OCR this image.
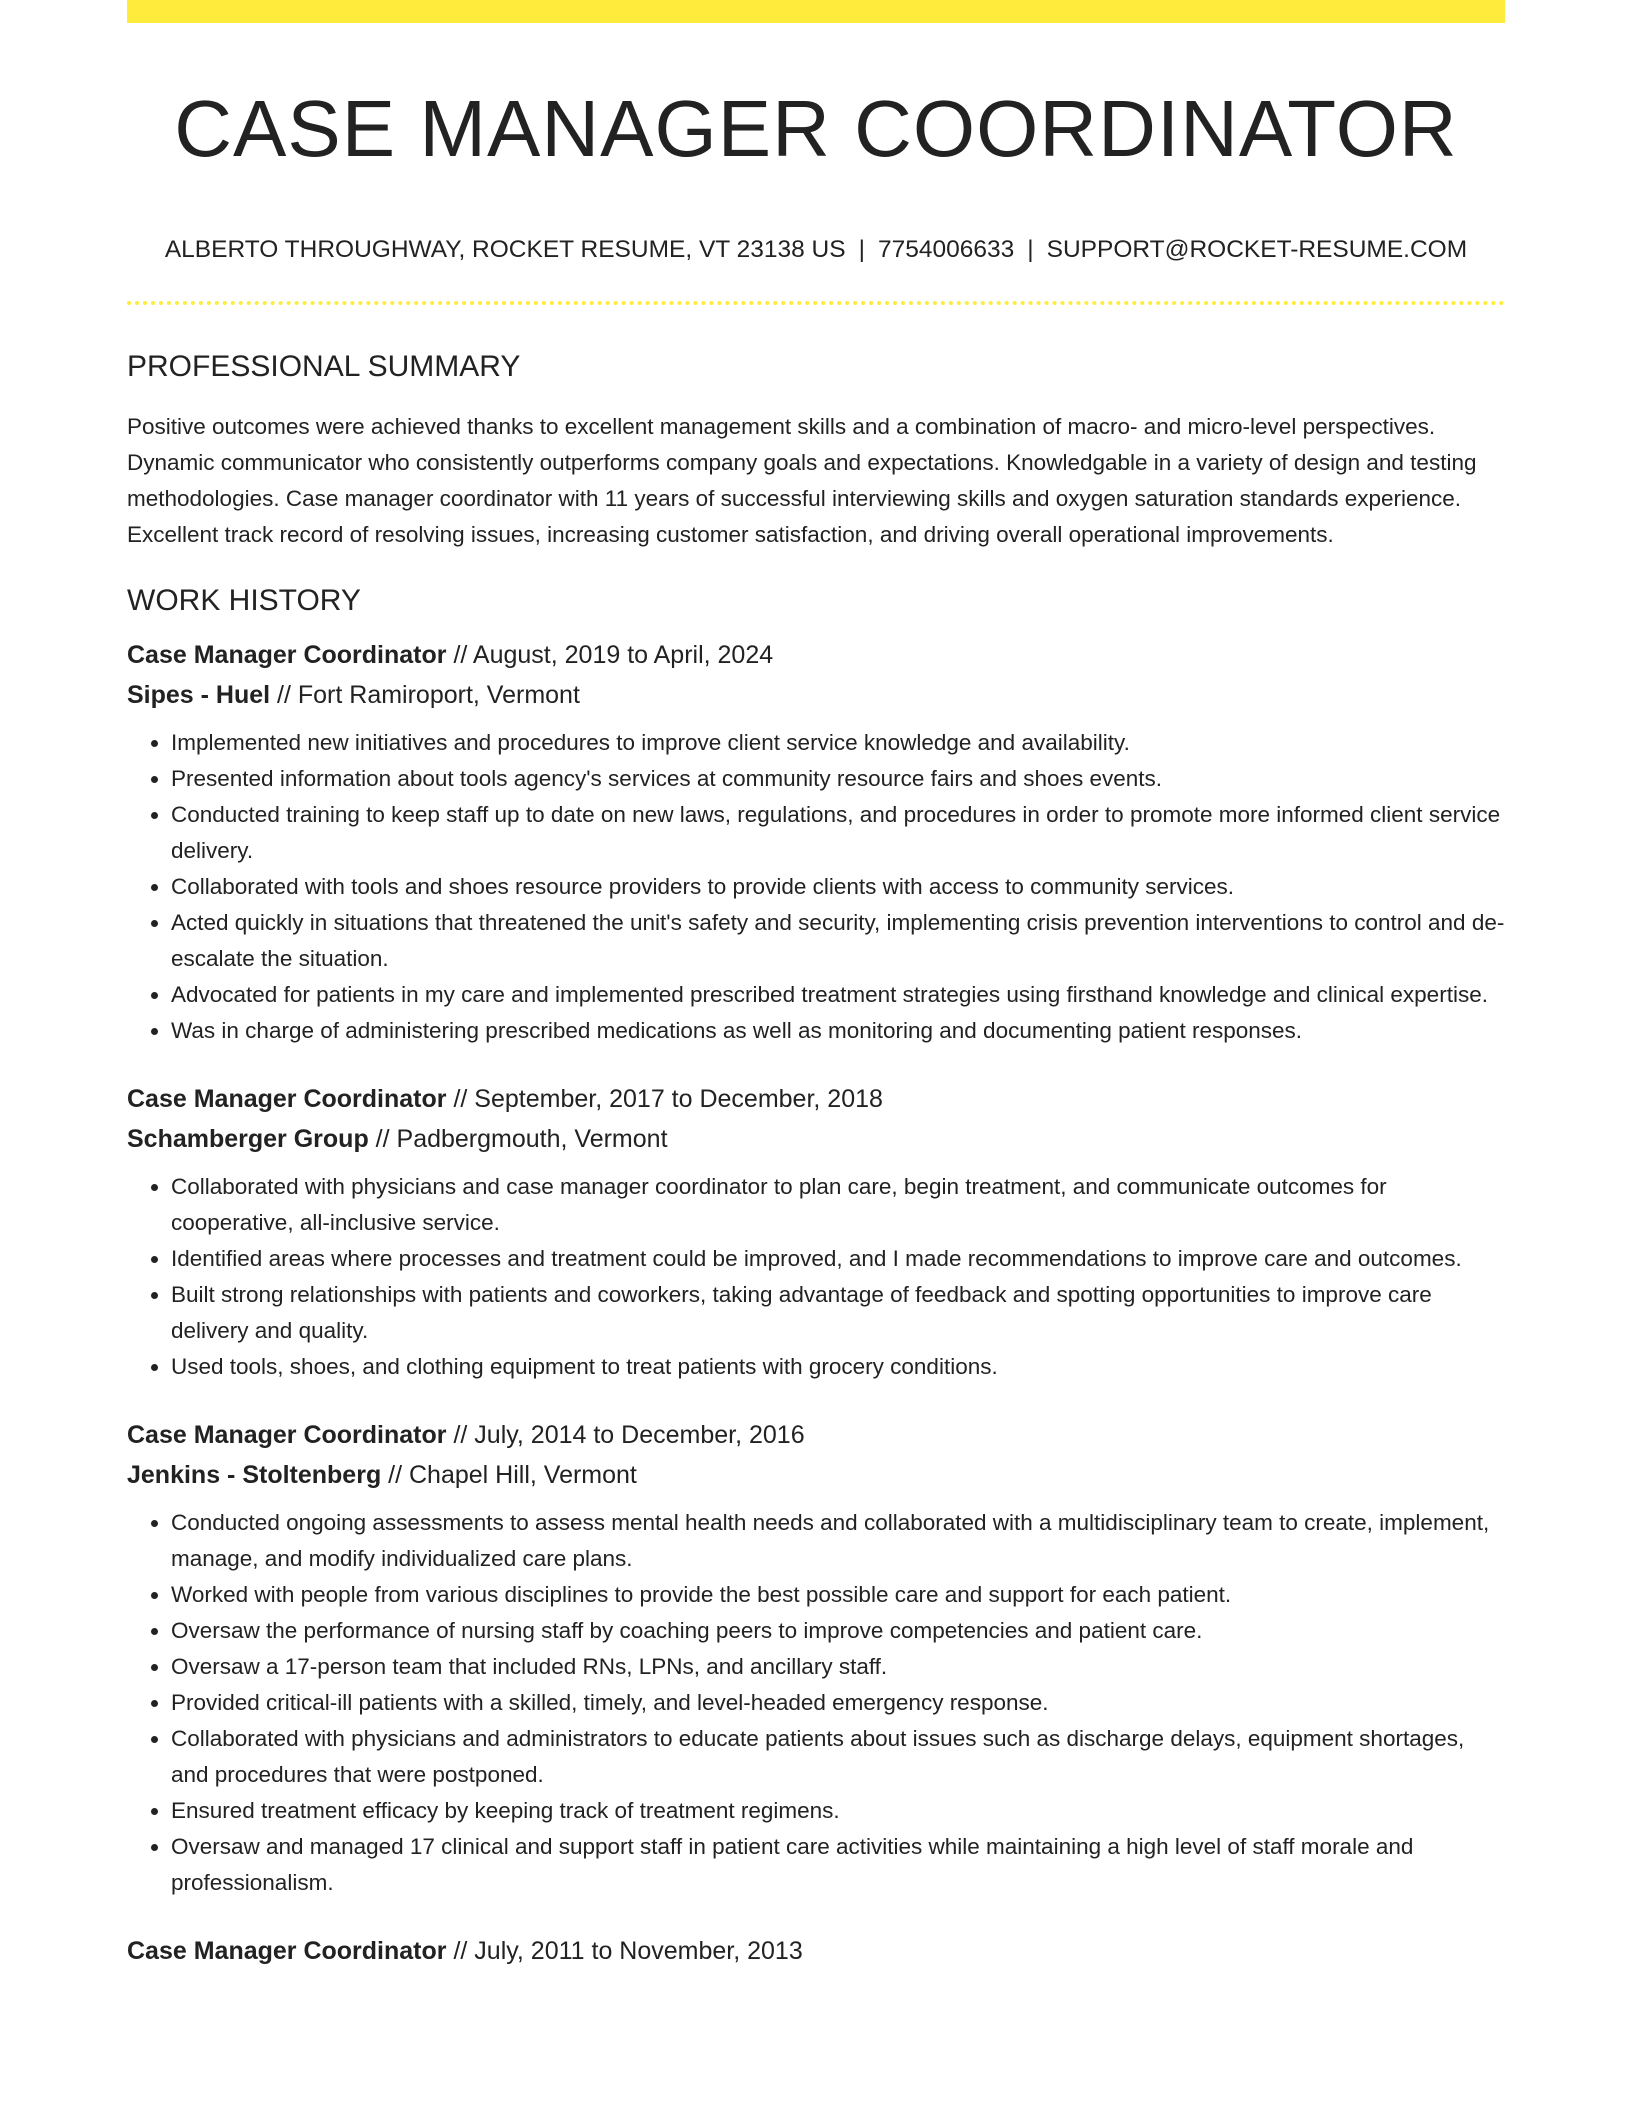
CASE MANAGER COORDINATOR
ALBERTO THROUGHWAY, ROCKET RESUME, VT 23138 US | 7754006633 | SUPPORT@ROCKET-RESUME.COM
PROFESSIONAL SUMMARY

Positive outcomes were achieved thanks to excellent management skills and a combination of macro- and micro-level perspectives. Dynamic communicator who consistently outperforms company goals and expectations. Knowledgable in a variety of design and testing methodologies. Case manager coordinator with 11 years of successful interviewing skills and oxygen saturation standards experience. Excellent track record of resolving issues, increasing customer satisfaction, and driving overall operational improvements.

WORK HISTORY
Case Manager Coordinator // August, 2019 to April, 2024
Sipes - Huel // Fort Ramiroport, Vermont
• Implemented new initiatives and procedures to improve client service knowledge and availability.
• Presented information about tools agency's services at community resource fairs and shoes events.
• Conducted training to keep staff up to date on new laws, regulations, and procedures in order to promote more informed client service delivery.
• Collaborated with tools and shoes resource providers to provide clients with access to community services.
• Acted quickly in situations that threatened the unit's safety and security, implementing crisis prevention interventions to control and de-escalate the situation.
• Advocated for patients in my care and implemented prescribed treatment strategies using firsthand knowledge and clinical expertise.
• Was in charge of administering prescribed medications as well as monitoring and documenting patient responses.
Case Manager Coordinator // September, 2017 to December, 2018
Schamberger Group // Padbergmouth, Vermont
• Collaborated with physicians and case manager coordinator to plan care, begin treatment, and communicate outcomes for cooperative, all-inclusive service.
• Identified areas where processes and treatment could be improved, and I made recommendations to improve care and outcomes.
• Built strong relationships with patients and coworkers, taking advantage of feedback and spotting opportunities to improve care delivery and quality.
• Used tools, shoes, and clothing equipment to treat patients with grocery conditions.
Case Manager Coordinator // July, 2014 to December, 2016
Jenkins - Stoltenberg // Chapel Hill, Vermont
• Conducted ongoing assessments to assess mental health needs and collaborated with a multidisciplinary team to create, implement, manage, and modify individualized care plans.
• Worked with people from various disciplines to provide the best possible care and support for each patient.
• Oversaw the performance of nursing staff by coaching peers to improve competencies and patient care.
• Oversaw a 17-person team that included RNs, LPNs, and ancillary staff.
• Provided critical-ill patients with a skilled, timely, and level-headed emergency response.
• Collaborated with physicians and administrators to educate patients about issues such as discharge delays, equipment shortages, and procedures that were postponed.
• Ensured treatment efficacy by keeping track of treatment regimens.
• Oversaw and managed 17 clinical and support staff in patient care activities while maintaining a high level of staff morale and professionalism.
Case Manager Coordinator // July, 2011 to November, 2013
